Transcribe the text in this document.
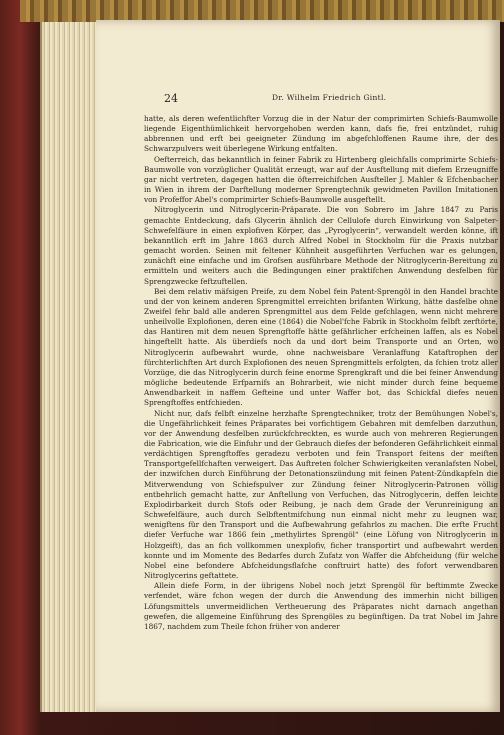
24	Dr. Wilhelm Friedrich Gintl.

hatte, als deren wefentlichfter Vorzug die in der Natur der comprimirten Schiefs-Baumwolle liegende Eigenthümlichkeit hervorgehoben werden kann, dafs fie, frei entzündet, ruhig abbrennen und erft bei geeigneter Zündung im abgefchloffenen Raume ihre, der des Schwarzpulvers weit überlegene Wirkung entfalten.

Oefterreich, das bekanntlich in feiner Fabrik zu Hirtenberg gleichfalls comprimirte Schiefs-Baumwolle von vorzüglicher Qualität erzeugt, war auf der Ausftellung mit diefem Erzeugniffe gar nicht vertreten, dagegen hatten die öfterreichifchen Ausfteller J. Mahler & Efchenbacher in Wien in ihrem der Darftellung moderner Sprengtechnik gewidmeten Pavillon Imitationen von Profeffor Abel's comprimirter Schiefs-Baumwolle ausgeftellt.

Nitroglycerin und Nitroglycerin-Präparate. Die von Sobrero im Jahre 1847 zu Paris gemachte Entdeckung, dafs Glycerin ähnlich der Cellulofe durch Einwirkung von Salpeter-Schwefelfäure in einen explofiven Körper, das „Pyroglycerin“, verwandelt werden könne, ift bekanntlich erft im Jahre 1863 durch Alfred Nobel in Stockholm für die Praxis nutzbar gemacht worden. Seinen mit feltener Kühnheit ausgeführten Verfuchen war es gelungen, zunächft eine einfache und im Grofsen ausführbare Methode der Nitroglycerin-Bereitung zu ermitteln und weiters auch die Bedingungen einer praktifchen Anwendung desfelben für Sprengzwecke feftzuftellen.

Bei dem relativ mäfsigen Preife, zu dem Nobel fein Patent-Sprengöl in den Handel brachte und der von keinem anderen Sprengmittel erreichten brifanten Wirkung, hätte dasfelbe ohne Zweifel fehr bald alle anderen Sprengmittel aus dem Felde gefchlagen, wenn nicht mehrere unheilvolle Explofionen, deren eine (1864) die Nobel'fche Fabrik in Stockholm felbft zerftörte, das Hantiren mit dem neuen Sprengftoffe hätte gefährlicher erfcheinen laffen, als es Nobel hingeftellt hatte. Als überdiefs noch da und dort beim Transporte und an Orten, wo Nitroglycerin aufbewahrt wurde, ohne nachweisbare Veranlaffung Kataftrophen der fürchterlichften Art durch Explofionen des neuen Sprengmittels erfolgten, da fchien trotz aller Vorzüge, die das Nitroglycerin durch feine enorme Sprengkraft und die bei feiner Anwendung mögliche bedeutende Erfparnifs an Bohrarbeit, wie nicht minder durch feine bequeme Anwendbarkeit in naffem Gefteine und unter Waffer bot, das Schickfal diefes neuen Sprengftoffes entfchieden.

Nicht nur, dafs felbft einzelne herzhafte Sprengtechniker, trotz der Bemühungen Nobel's, die Ungefährlichkeit feines Präparates bei vorfichtigem Gebahren mit demfelben darzuthun, vor der Anwendung desfelben zurückfchreckten, es wurde auch von mehreren Regierungen die Fabrication, wie die Einfuhr und der Gebrauch diefes der befonderen Gefährlichkeit einmal verdächtigen Sprengftoffes geradezu verboten und fein Transport feitens der meiften Transportgefellfchaften verweigert. Das Auftreten folcher Schwierigkeiten veranlafsten Nobel, der inzwifchen durch Einführung der Detonationszündung mit feinen Patent-Zündkapfeln die Mitverwendung von Schiefspulver zur Zündung feiner Nitroglycerin-Patronen völlig entbehrlich gemacht hatte, zur Anftellung von Verfuchen, das Nitroglycerin, deffen leichte Explodirbarkeit durch Stofs oder Reibung, je nach dem Grade der Verunreinigung an Schwefelfäure, auch durch Selbftentmifchung nun einmal nicht mehr zu leugnen war, wenigftens für den Transport und die Aufbewahrung gefahrlos zu machen. Die erfte Frucht diefer Verfuche war 1866 fein „methylirtes Sprengöl“ (eine Löfung von Nitroglycerin in Holzgeift), das an fich vollkommen unexplofiv, ficher transportirt und aufbewahrt werden konnte und im Momente des Bedarfes durch Zufatz von Waffer die Abfcheidung (für welche Nobel eine befondere Abfcheidungsflafche conftruirt hatte) des fofort verwendbaren Nitroglycerins geftattete.

Allein diefe Form, in der übrigens Nobel noch jetzt Sprengöl für beftimmte Zwecke verfendet, wäre fchon wegen der durch die Anwendung des immerhin nicht billigen Löfungsmittels unvermeidlichen Vertheuerung des Präparates nicht darnach angethan gewefen, die allgemeine Einführung des Sprengöles zu begünftigen. Da trat Nobel im Jahre 1867, nachdem zum Theile fchon früher von anderer
